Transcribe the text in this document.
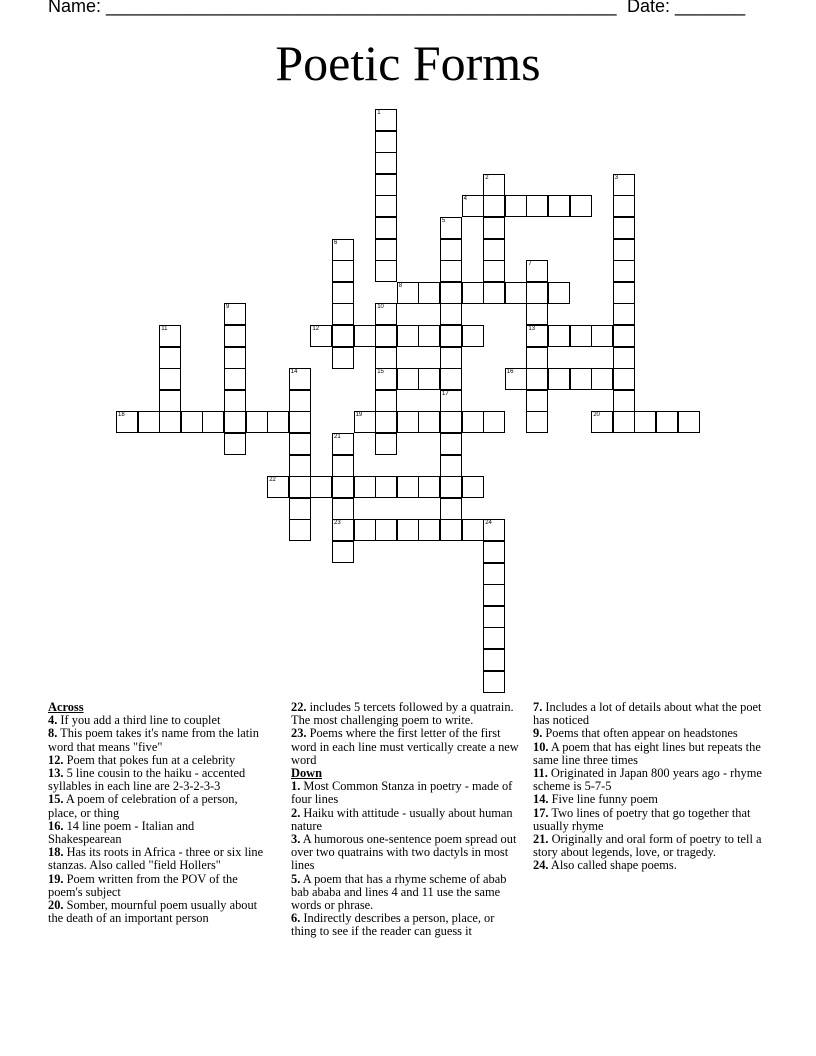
Name: ___________________________________________________ Date: _______
Poetic Forms
4
8
12	13
15	16
18	19	20
22
23	24
1
2	3
5
6
7
9	10
11
14
17
21

Across

4. If you add a third line to couplet

8. This poem takes it's name from the latin word that means "five"

12. Poem that pokes fun at a celebrity

13. 5 line cousin to the haiku - accented syllables in each line are 2-3-2-3-3

15. A poem of celebration of a person, place, or thing

16. 14 line poem - Italian and Shakespearean

18. Has its roots in Africa - three or six line stanzas. Also called "field Hollers"

19. Poem written from the POV of the poem's subject

20. Somber, mournful poem usually about the death of an important person

22. includes 5 tercets followed by a quatrain. The most challenging poem to write.

23. Poems where the first letter of the first word in each line must vertically create a new word

Down

1. Most Common Stanza in poetry - made of four lines

2. Haiku with attitude - usually about human nature

3. A humorous one-sentence poem spread out over two quatrains with two dactyls in most lines

5. A poem that has a rhyme scheme of abab bab ababa and lines 4 and 11 use the same words or phrase.

6. Indirectly describes a person, place, or thing to see if the reader can guess it

7. Includes a lot of details about what the poet has noticed

9. Poems that often appear on headstones

10. A poem that has eight lines but repeats the same line three times

11. Originated in Japan 800 years ago - rhyme scheme is 5-7-5

14. Five line funny poem

17. Two lines of poetry that go together that usually rhyme

21. Originally and oral form of poetry to tell a story about legends, love, or tragedy.

24. Also called shape poems.
